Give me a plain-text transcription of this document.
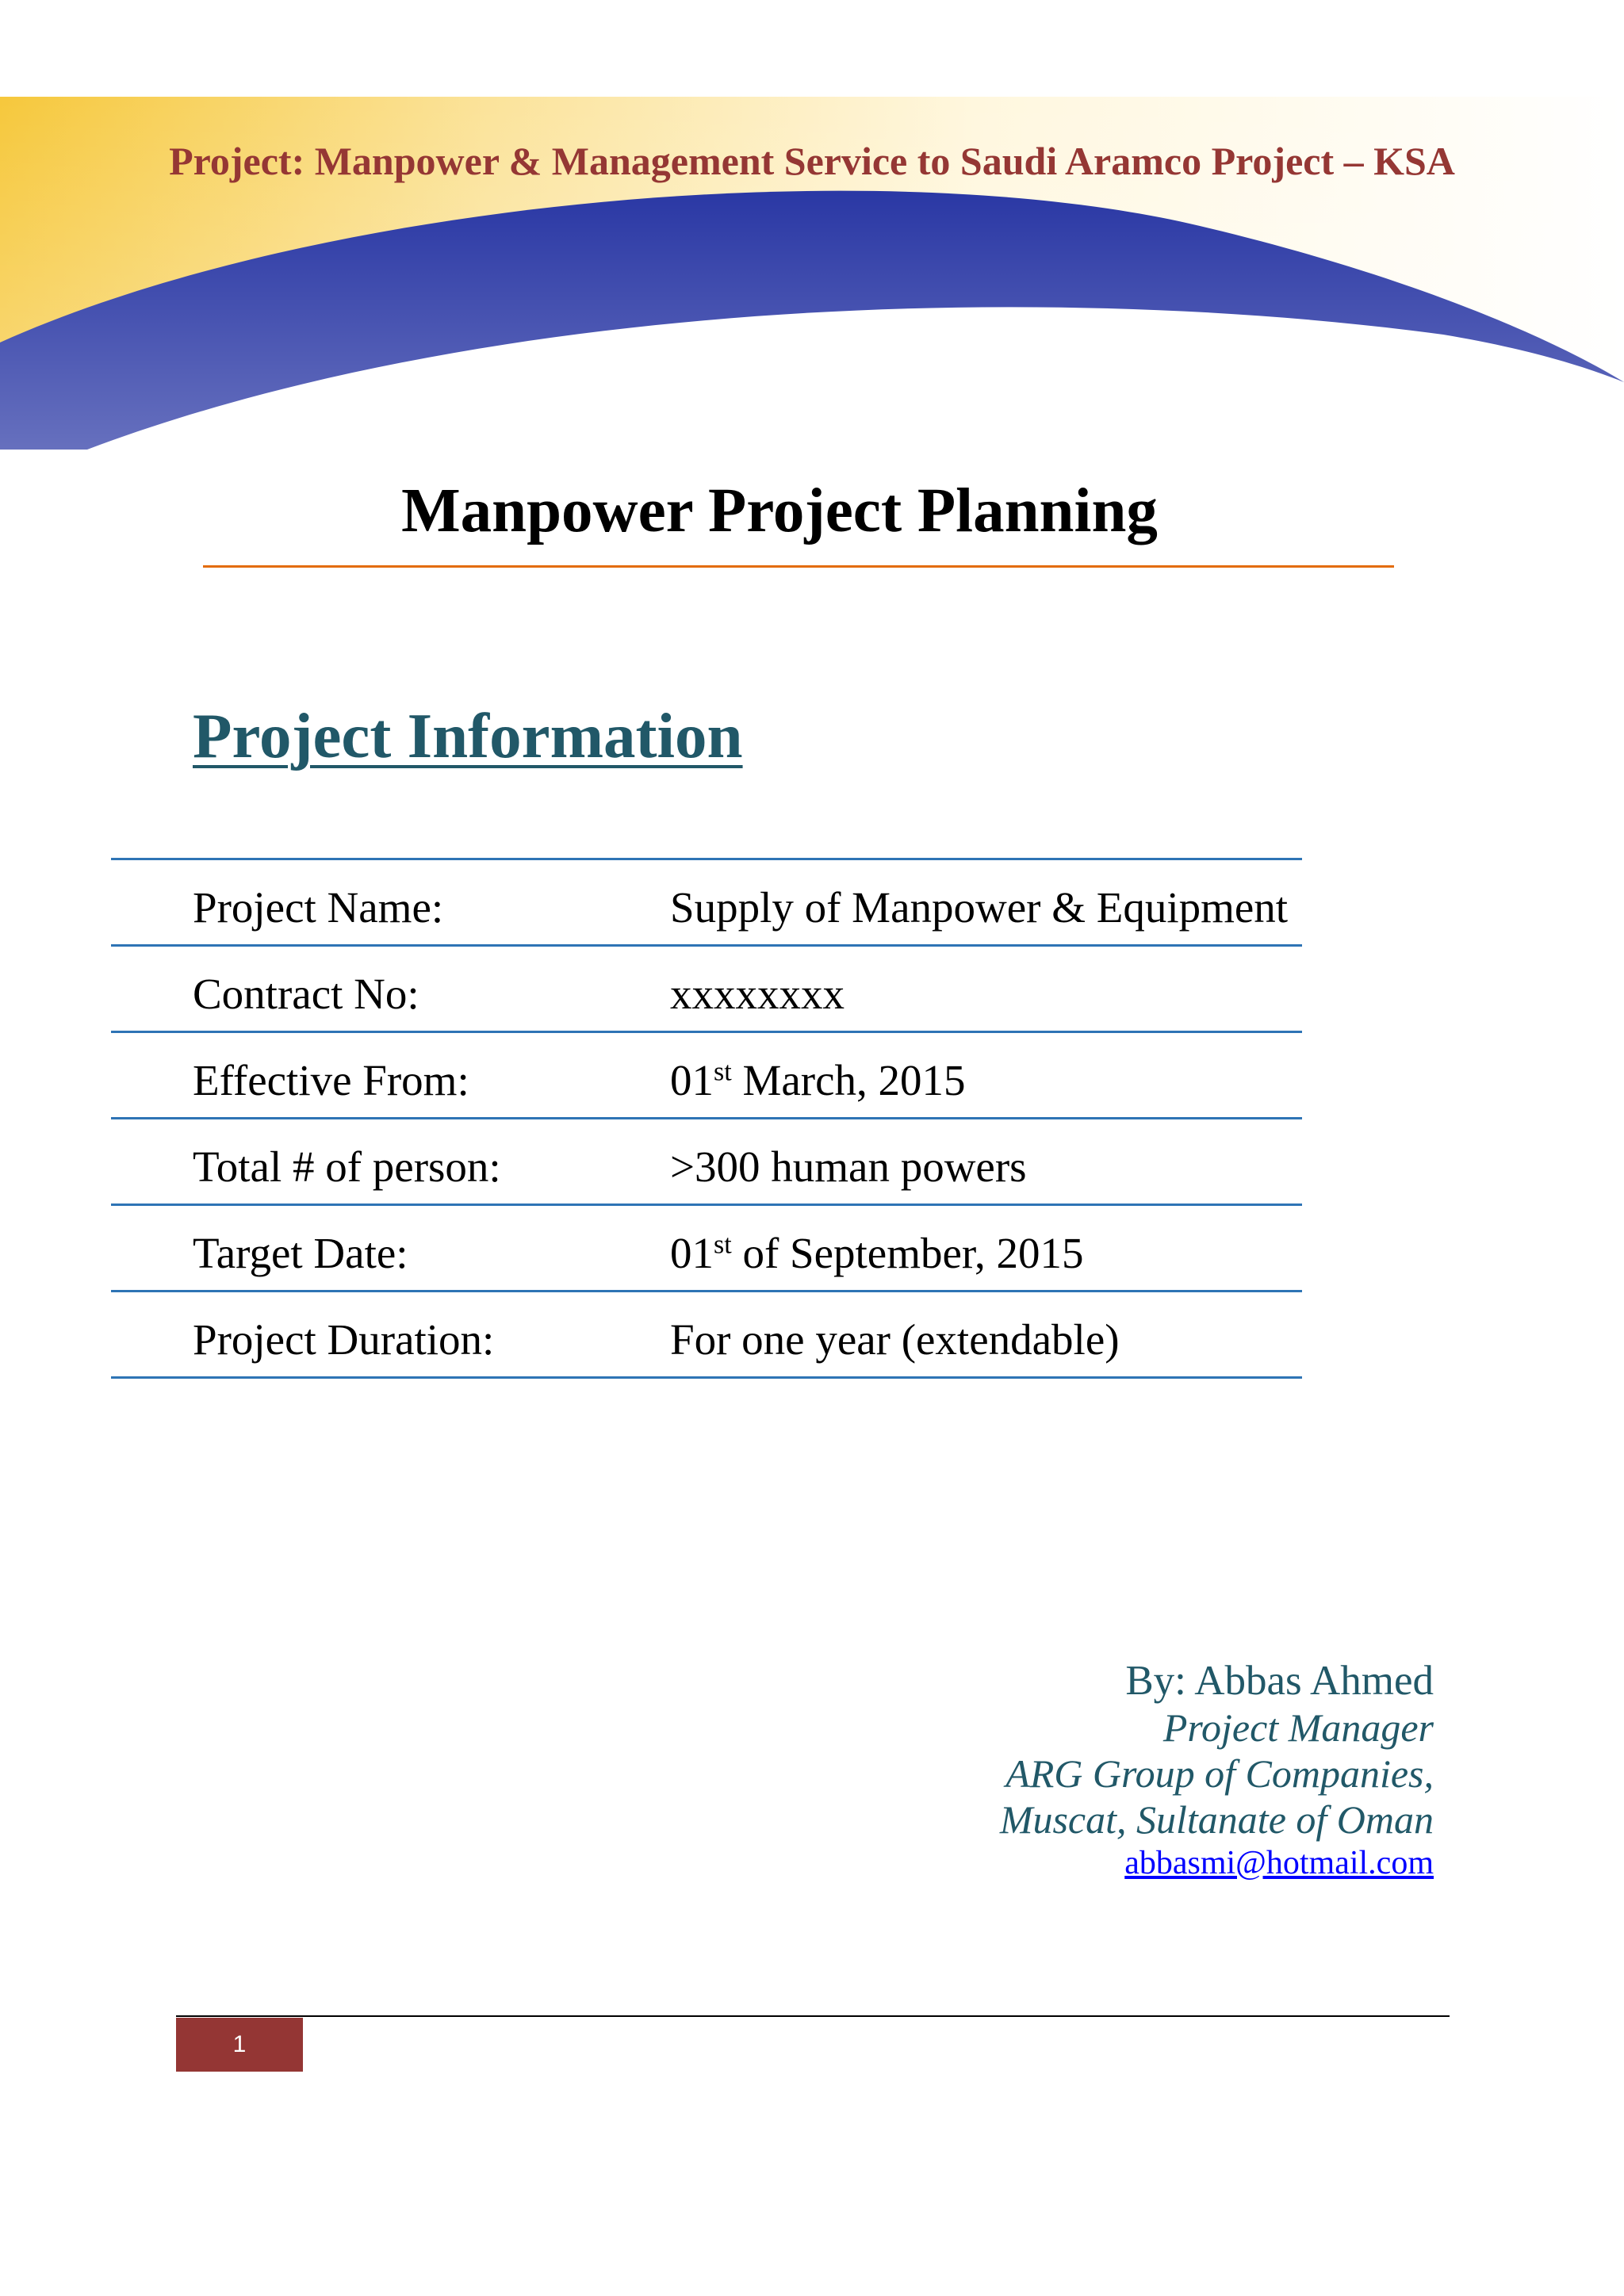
Project: Manpower & Management Service to Saudi Aramco Project – KSA
Manpower Project Planning
Project Information
Project Name:	Supply of Manpower & Equipment
Contract No:	xxxxxxxx
Effective From:	01st March, 2015
Total # of person:	>300 human powers
Target Date:	01st of September, 2015
Project Duration:	For one year (extendable)
By: Abbas Ahmed
Project Manager
ARG Group of Companies,
Muscat, Sultanate of Oman
abbasmi@hotmail.com
1
